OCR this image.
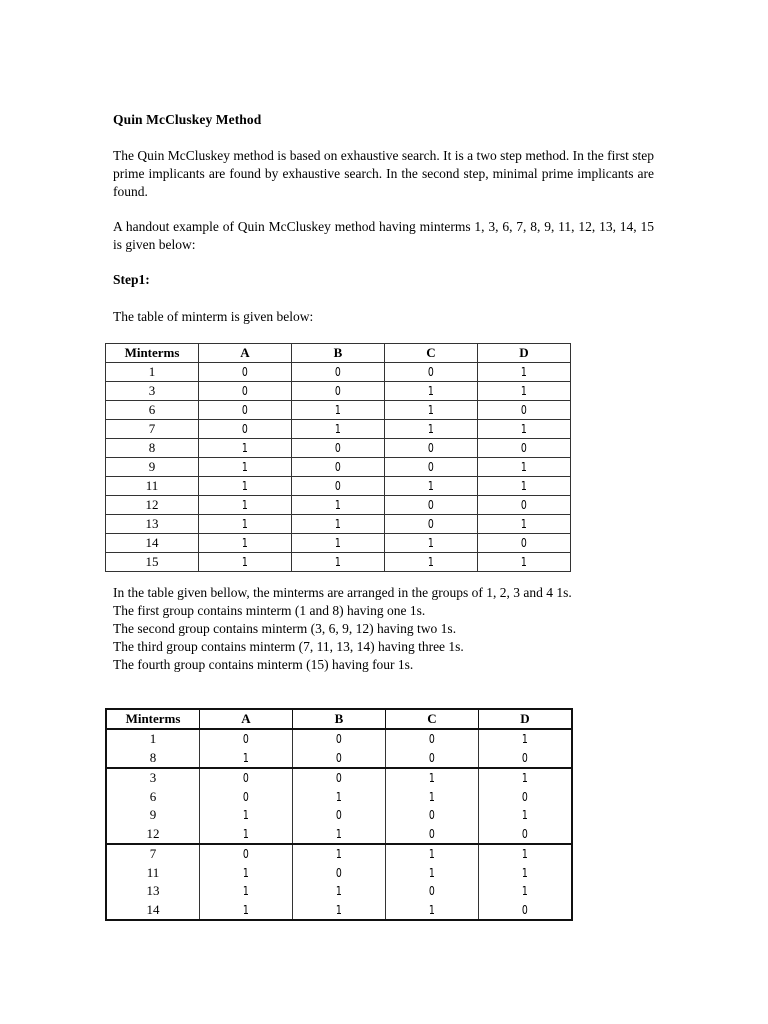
Quin McCluskey Method
The Quin McCluskey method is based on exhaustive search. It is a two step method. In the first step prime implicants are found by exhaustive search. In the second step, minimal prime implicants are found.
A handout example of Quin McCluskey method having minterms 1, 3, 6, 7, 8, 9, 11, 12, 13, 14, 15 is given below:
Step1:
The table of minterm is given below:
Minterms	A	B	C	D
1	0	0	0	1
3	0	0	1	1
6	0	1	1	0
7	0	1	1	1
8	1	0	0	0
9	1	0	0	1
11	1	0	1	1
12	1	1	0	0
13	1	1	0	1
14	1	1	1	0
15	1	1	1	1
In the table given bellow, the minterms are arranged in the groups of 1, 2, 3 and 4 1s.
The first group contains minterm (1 and 8) having one 1s.
The second group contains minterm (3, 6, 9, 12) having two 1s.
The third group contains minterm (7, 11, 13, 14) having three 1s.
The fourth group contains minterm (15) having four 1s.
Minterms	A	B	C	D
1	0	0	0	1
8	1	0	0	0
3	0	0	1	1
6	0	1	1	0
9	1	0	0	1
12	1	1	0	0
7	0	1	1	1
11	1	0	1	1
13	1	1	0	1
14	1	1	1	0
